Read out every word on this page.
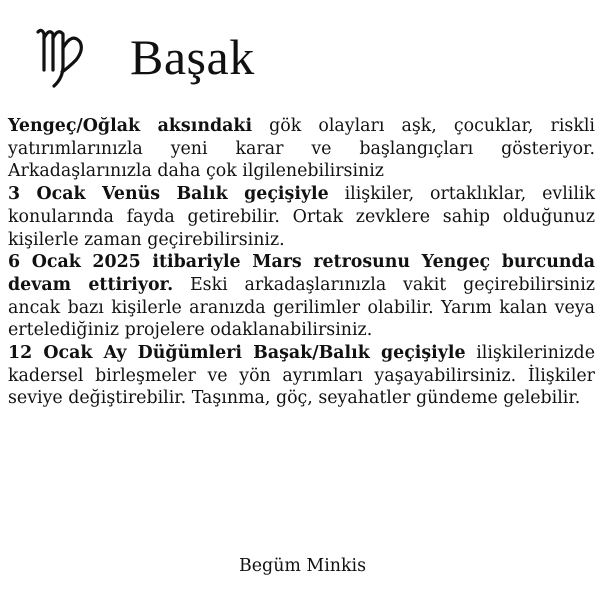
Başak

Yengeç/Oğlak aksındaki gök olayları aşk, çocuklar, riskli yatırımlarınızla yeni karar ve başlangıçları gösteriyor. Arkadaşlarınızla daha çok ilgilenebilirsiniz
3 Ocak Venüs Balık geçişiyle ilişkiler, ortaklıklar, evlilik konularında fayda getirebilir. Ortak zevklere sahip olduğunuz kişilerle zaman geçirebilirsiniz.

6 Ocak 2025 itibariyle Mars retrosunu Yengeç burcunda devam ettiriyor. Eski arkadaşlarınızla vakit geçirebilirsiniz ancak bazı kişilerle aranızda gerilimler olabilir. Yarım kalan veya ertelediğiniz projelere odaklanabilirsiniz.

12 Ocak Ay Düğümleri Başak/Balık geçişiyle ilişkilerinizde kadersel birleşmeler ve yön ayrımları yaşayabilirsiniz. İlişkiler seviye değiştirebilir. Taşınma, göç, seyahatler gündeme gelebilir.

Begüm Minkis
